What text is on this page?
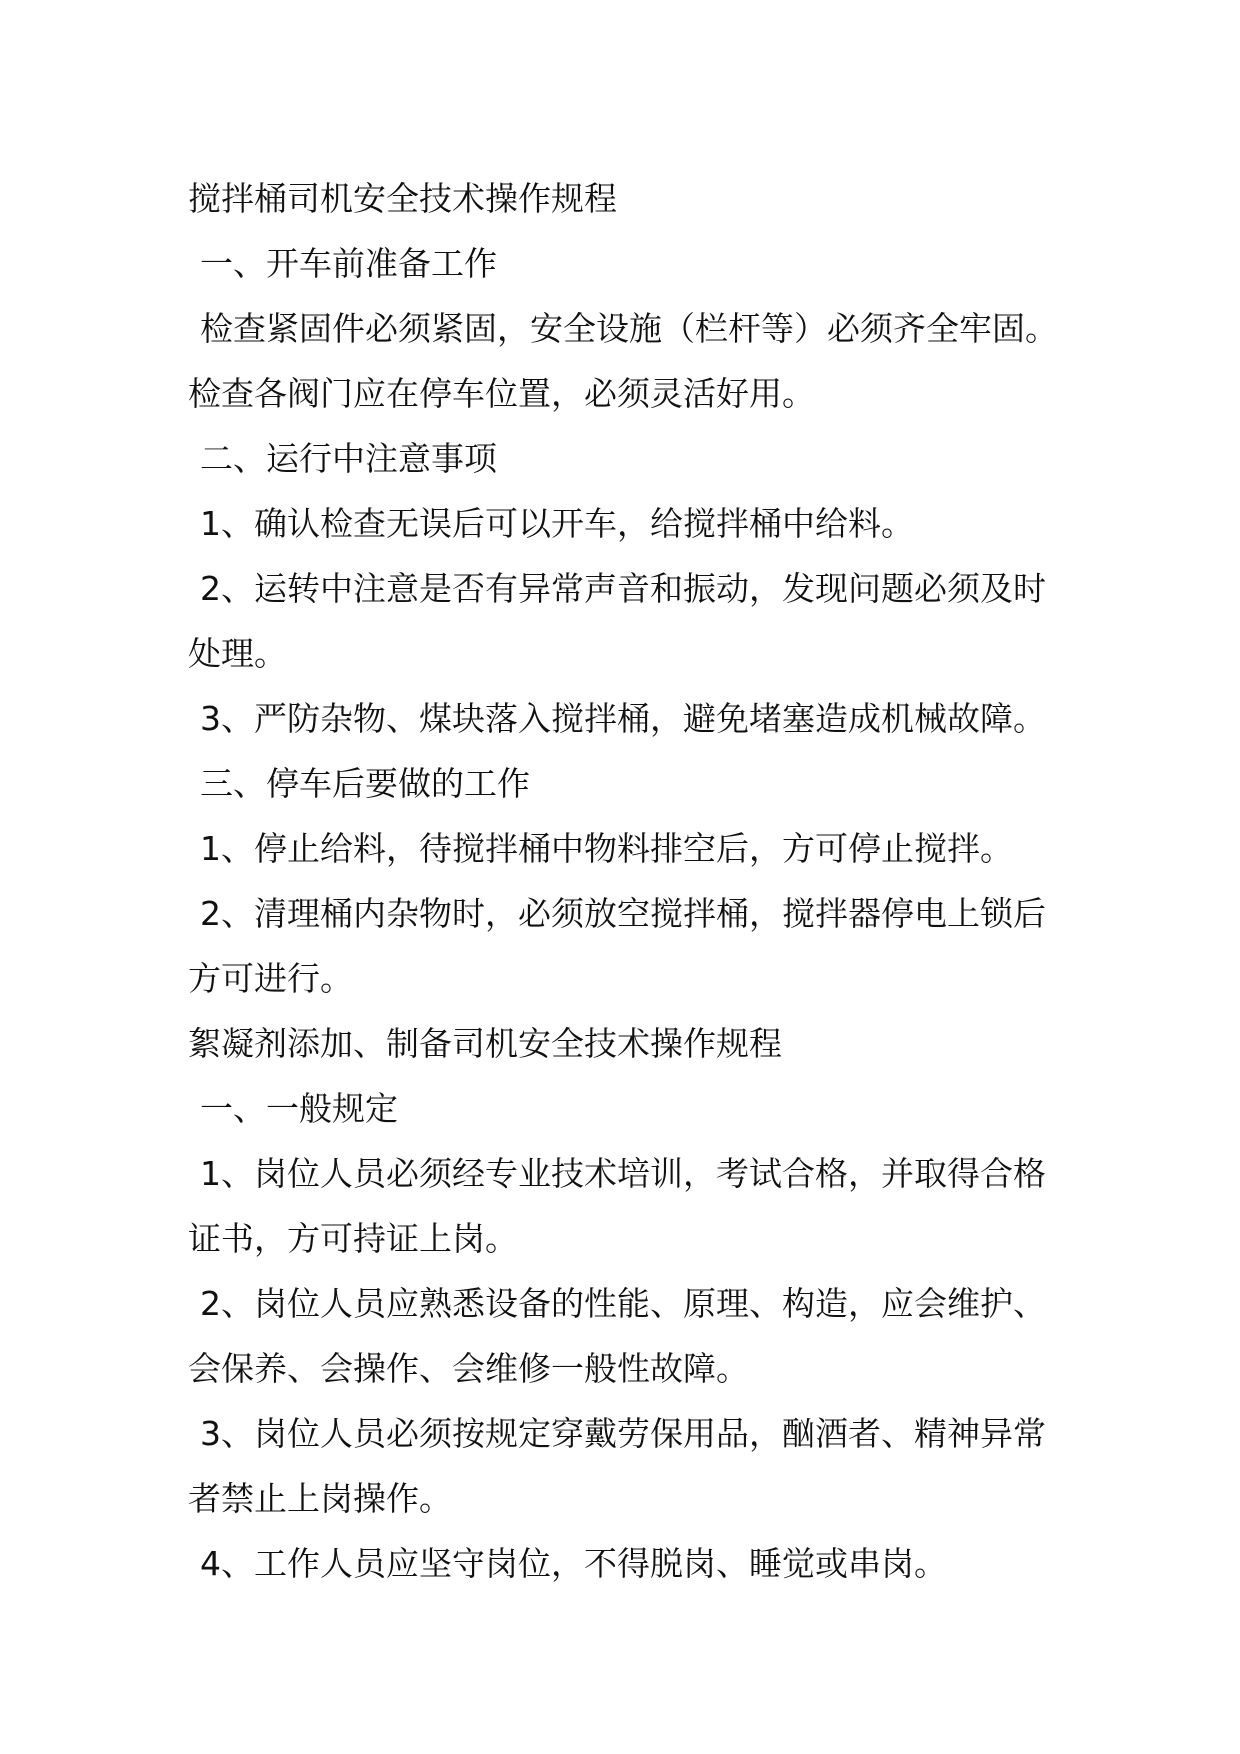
搅拌桶司机安全技术操作规程
一、开车前准备工作
检查紧固件必须紧固，安全设施（栏杆等）必须齐全牢固。
检查各阀门应在停车位置，必须灵活好用。
二、运行中注意事项
1、确认检查无误后可以开车，给搅拌桶中给料。
2、运转中注意是否有异常声音和振动，发现问题必须及时
处理。
3、严防杂物、煤块落入搅拌桶，避免堵塞造成机械故障。
三、停车后要做的工作
1、停止给料，待搅拌桶中物料排空后，方可停止搅拌。
2、清理桶内杂物时，必须放空搅拌桶，搅拌器停电上锁后
方可进行。
絮凝剂添加、制备司机安全技术操作规程
一、一般规定
1、岗位人员必须经专业技术培训，考试合格，并取得合格
证书，方可持证上岗。
2、岗位人员应熟悉设备的性能、原理、构造，应会维护、
会保养、会操作、会维修一般性故障。
3、岗位人员必须按规定穿戴劳保用品，酗酒者、精神异常
者禁止上岗操作。
4、工作人员应坚守岗位，不得脱岗、睡觉或串岗。
